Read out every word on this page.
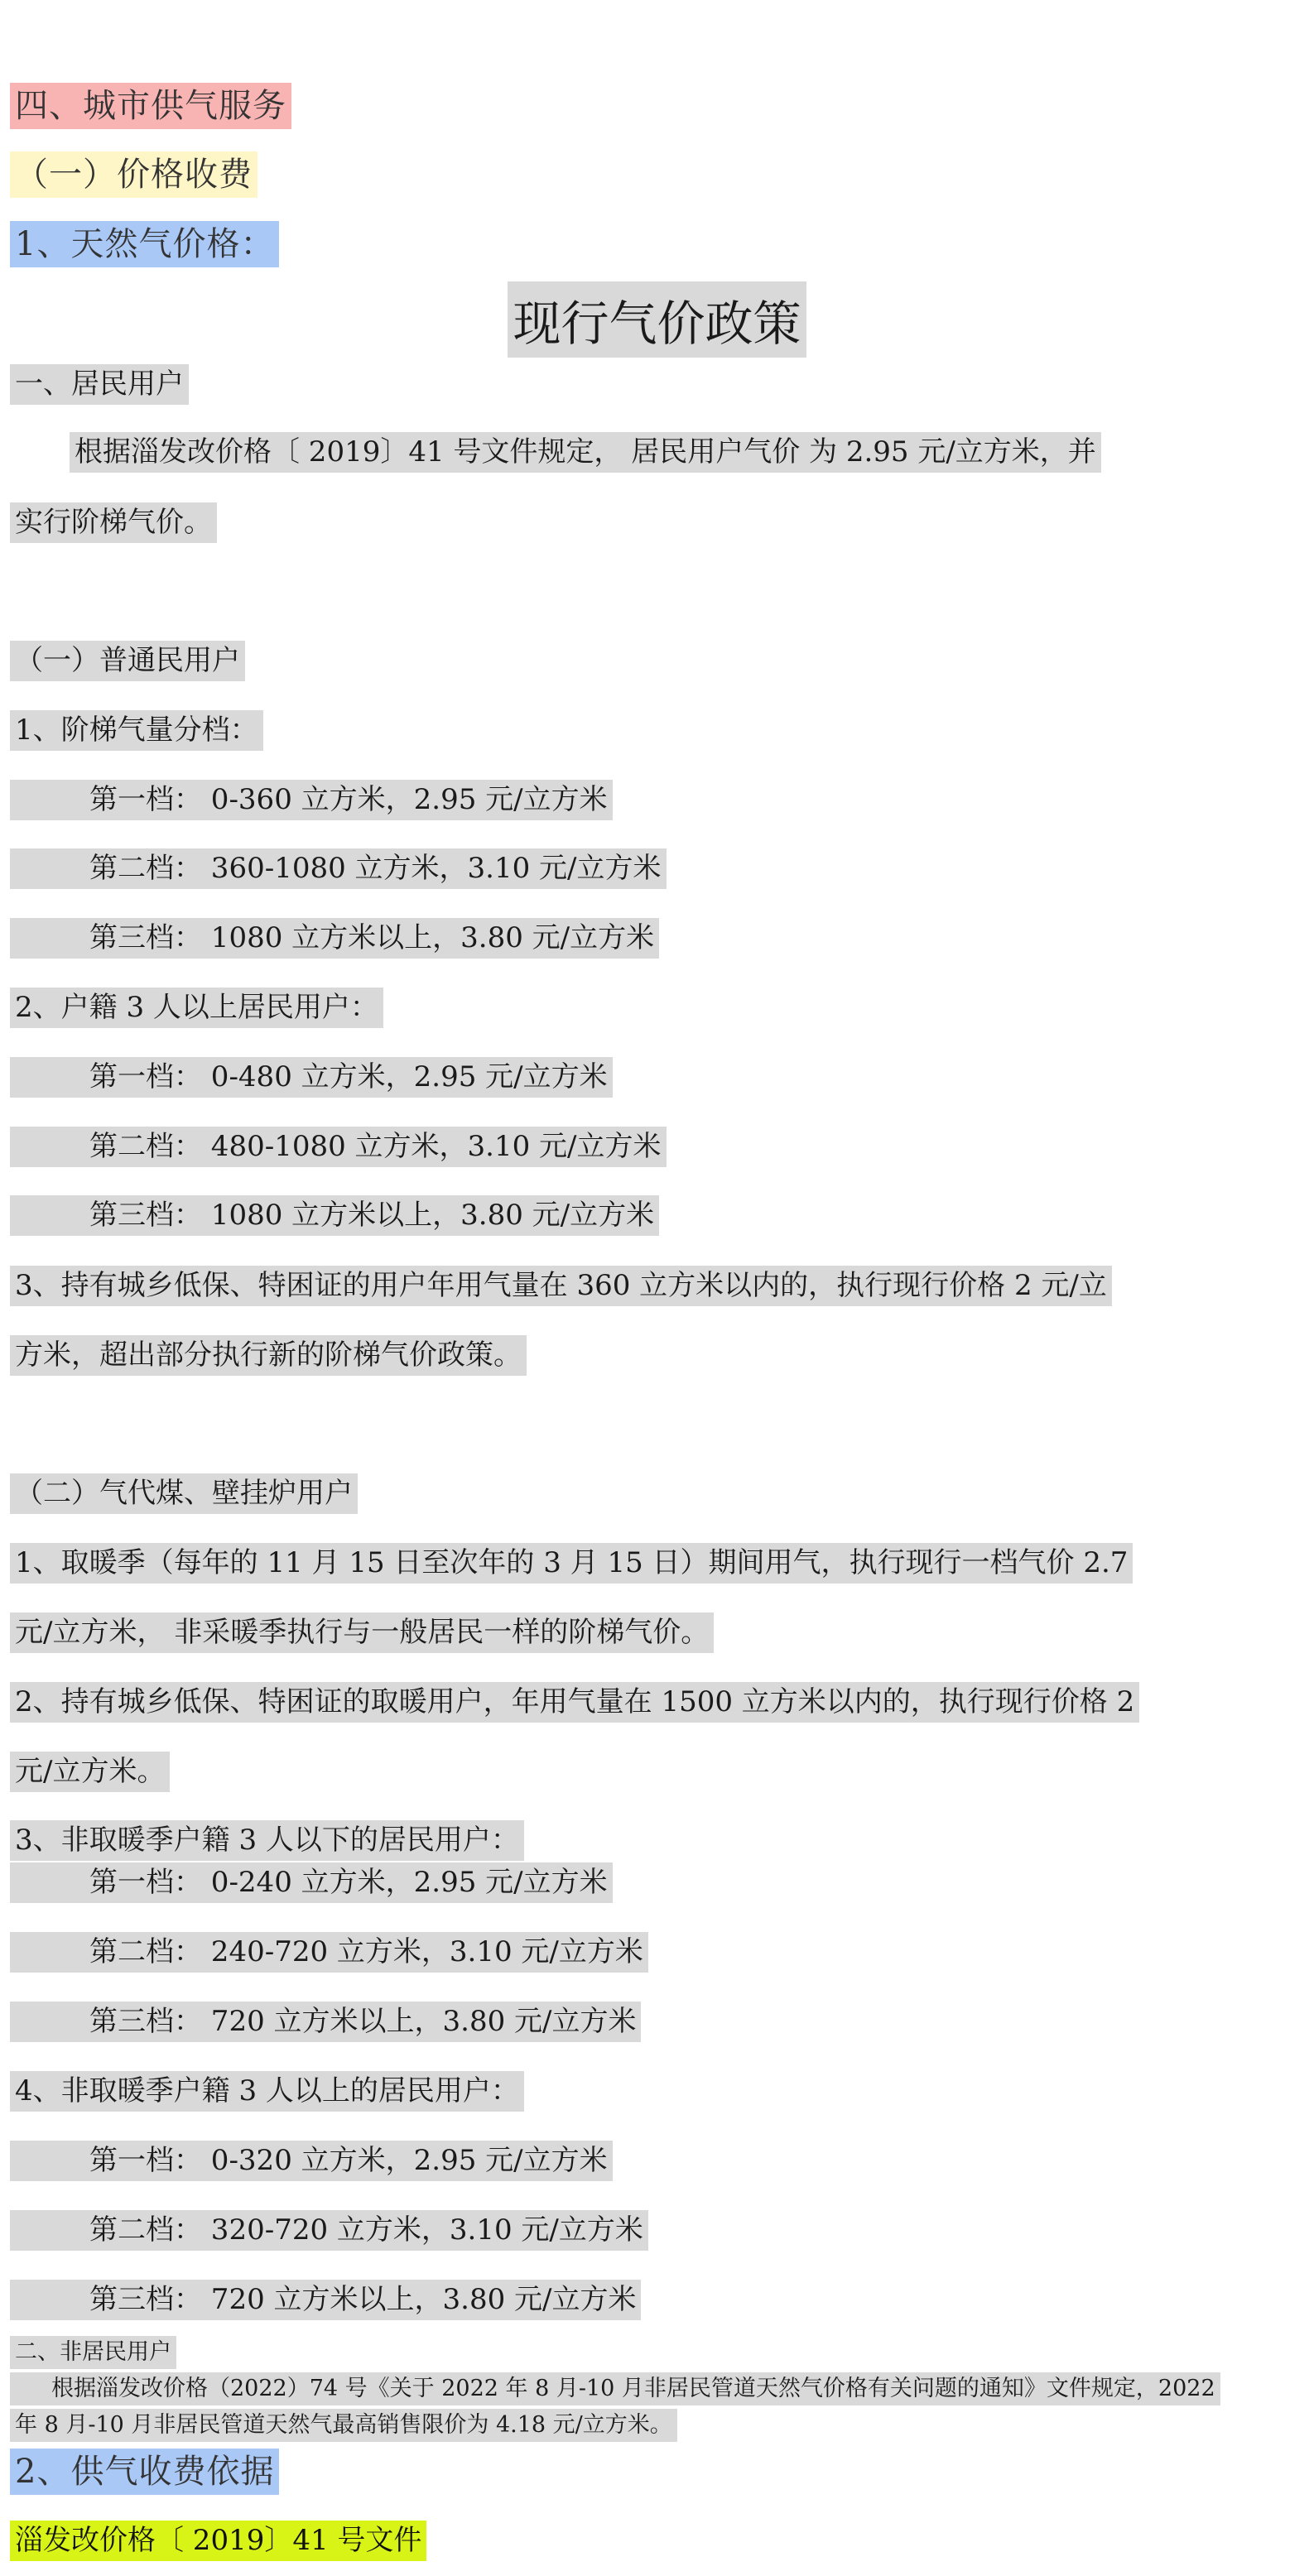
四、城市供气服务
（一）价格收费
1、天然气价格：
现行气价政策
一、居民用户
根据淄发改价格〔 2019〕41 号文件规定， 居民用户气价 为 2.95 元/立方米，并
实行阶梯气价。
（一）普通民用户
1、阶梯气量分档：
第一档： 0-360 立方米，2.95 元/立方米
第二档： 360-1080 立方米，3.10 元/立方米
第三档： 1080 立方米以上，3.80 元/立方米
2、户籍 3 人以上居民用户：
第一档： 0-480 立方米，2.95 元/立方米
第二档： 480-1080 立方米，3.10 元/立方米
第三档： 1080 立方米以上，3.80 元/立方米
3、持有城乡低保、特困证的用户年用气量在 360 立方米以内的，执行现行价格 2 元/立
方米，超出部分执行新的阶梯气价政策。
（二）气代煤、壁挂炉用户
1、取暖季（每年的 11 月 15 日至次年的 3 月 15 日）期间用气，执行现行一档气价 2.7
元/立方米， 非采暖季执行与一般居民一样的阶梯气价。
2、持有城乡低保、特困证的取暖用户，年用气量在 1500 立方米以内的，执行现行价格 2
元/立方米。
3、非取暖季户籍 3 人以下的居民用户：
第一档： 0-240 立方米，2.95 元/立方米
第二档： 240-720 立方米，3.10 元/立方米
第三档： 720 立方米以上，3.80 元/立方米
4、非取暖季户籍 3 人以上的居民用户：
第一档： 0-320 立方米，2.95 元/立方米
第二档： 320-720 立方米，3.10 元/立方米
第三档： 720 立方米以上，3.80 元/立方米
二、非居民用户
根据淄发改价格（2022）74 号《关于 2022 年 8 月-10 月非居民管道天然气价格有关问题的通知》文件规定，2022
年 8 月-10 月非居民管道天然气最高销售限价为 4.18 元/立方米。
2、供气收费依据
淄发改价格〔 2019〕41 号文件
